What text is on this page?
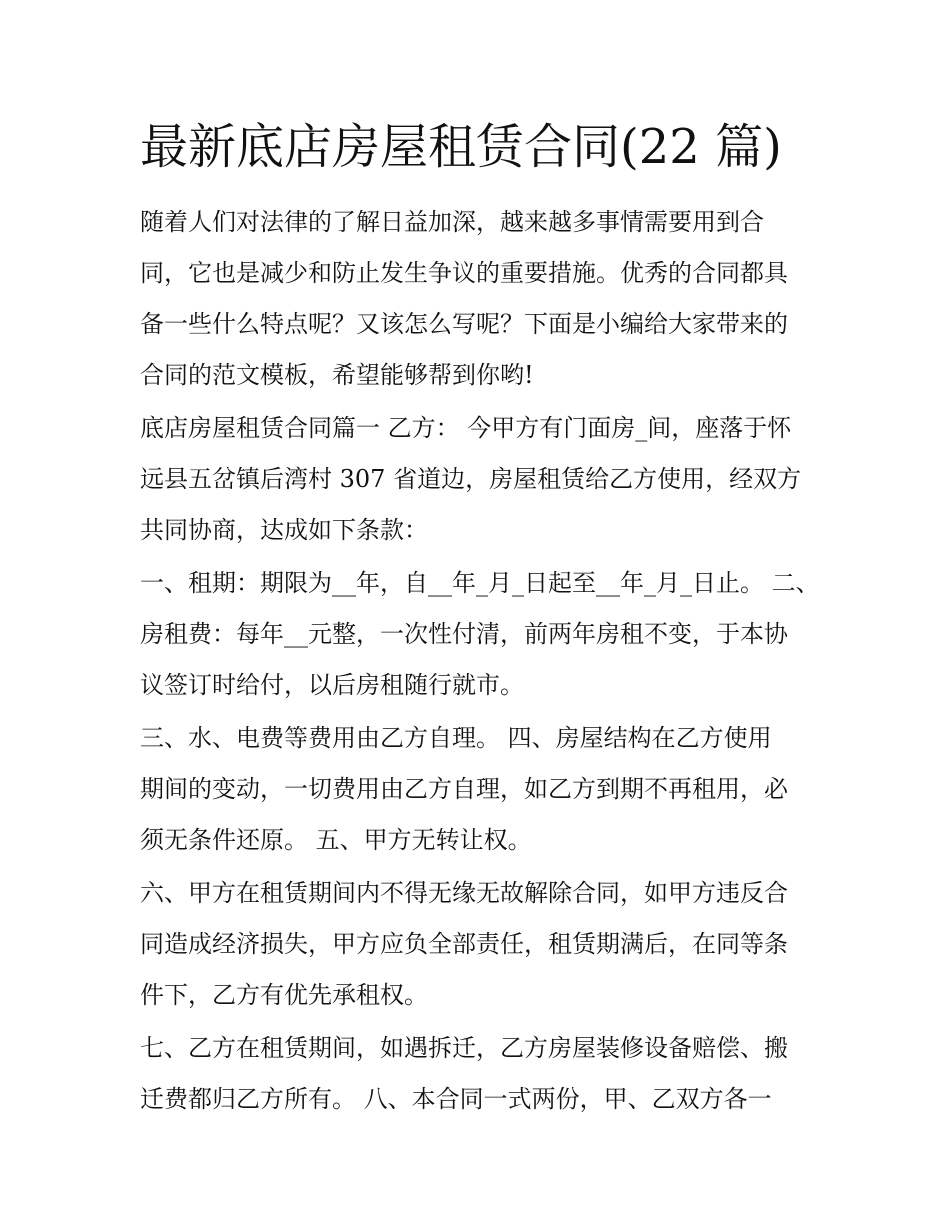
最新底店房屋租赁合同(22 篇)

随着人们对法律的了解日益加深，越来越多事情需要用到合
同，它也是减少和防止发生争议的重要措施。优秀的合同都具
备一些什么特点呢？又该怎么写呢？下面是小编给大家带来的
合同的范文模板，希望能够帮到你哟!

底店房屋租赁合同篇一 乙方： 今甲方有门面房_间，座落于怀
远县五岔镇后湾村 307 省道边，房屋租赁给乙方使用，经双方
共同协商，达成如下条款：

一、租期：期限为__年，自__年_月_日起至__年_月_日止。 二、
房租费：每年__元整，一次性付清，前两年房租不变，于本协
议签订时给付，以后房租随行就市。

三、水、电费等费用由乙方自理。 四、房屋结构在乙方使用
期间的变动，一切费用由乙方自理，如乙方到期不再租用，必
须无条件还原。 五、甲方无转让权。

六、甲方在租赁期间内不得无缘无故解除合同，如甲方违反合
同造成经济损失，甲方应负全部责任，租赁期满后，在同等条
件下，乙方有优先承租权。

七、乙方在租赁期间，如遇拆迁，乙方房屋装修设备赔偿、搬
迁费都归乙方所有。 八、本合同一式两份，甲、乙双方各一
